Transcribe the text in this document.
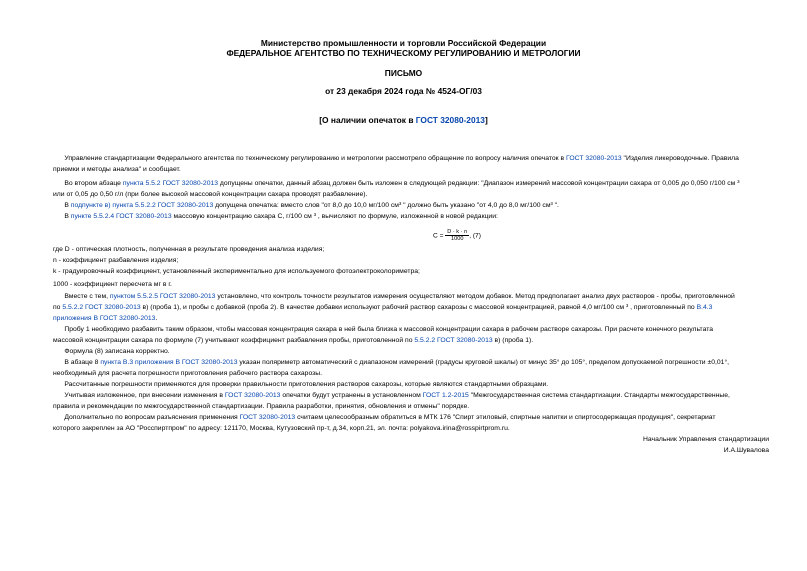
Министерство промышленности и торговли Российской Федерации
ФЕДЕРАЛЬНОЕ АГЕНТСТВО ПО ТЕХНИЧЕСКОМУ РЕГУЛИРОВАНИЮ И МЕТРОЛОГИИ
ПИСЬМО
от 23 декабря 2024 года № 4524-ОГ/03
[О наличии опечаток в ГОСТ 32080-2013]
Управление стандартизации Федерального агентства по техническому регулированию и метрологии рассмотрело обращение по вопросу наличия опечаток в ГОСТ 32080-2013 "Изделия ликероводочные. Правила
приемки и методы анализа" и сообщает.
Во втором абзаце пункта 5.5.2 ГОСТ 32080-2013 допущены опечатки, данный абзац должен быть изложен в следующей редакции: "Диапазон измерений массовой концентрации сахара от 0,005 до 0,050 г/100 см ³
или от 0,05 до 0,50 г/л (при более высокой массовой концентрации сахара проводят разбавление).
В подпункте в) пункта 5.5.2.2 ГОСТ 32080-2013 допущена опечатка: вместо слов "от 8,0 до 10,0 мг/100 см³ " должно быть указано "от 4,0 до 8,0 мг/100 см³ ".
В пункте 5.5.2.4 ГОСТ 32080-2013 массовую концентрацию сахара С, г/100 см ³ , вычисляют по формуле, изложенной в новой редакции:
$С = \frac{D \cdot k \cdot n}{1000}$, (7)
где D - оптическая плотность, полученная в результате проведения анализа изделия;
n - коэффициент разбавления изделия;
k - градуировочный коэффициент, установленный экспериментально для используемого фотоэлектроколориметра;
1000 - коэффициент пересчета мг в г.
Вместе с тем, пунктом 5.5.2.5 ГОСТ 32080-2013 установлено, что контроль точности результатов измерения осуществляют методом добавок. Метод предполагает анализ двух растворов - пробы, приготовленной
по 5.5.2.2 ГОСТ 32080-2013 в) (проба 1), и пробы с добавкой (проба 2). В качестве добавки используют рабочий раствор сахарозы с массовой концентрацией, равной 4,0 мг/100 см ³ , приготовленный по В.4.3
приложения В ГОСТ 32080-2013.
Пробу 1 необходимо разбавить таким образом, чтобы массовая концентрация сахара в ней была близка к массовой концентрации сахара в рабочем растворе сахарозы. При расчете конечного результата
массовой концентрации сахара по формуле (7) учитывают коэффициент разбавления пробы, приготовленной по 5.5.2.2 ГОСТ 32080-2013 в) (проба 1).
Формула (8) записана корректно.
В абзаце 8 пункта В.3 приложения В ГОСТ 32080-2013 указан поляриметр автоматический с диапазоном измерений (градусы круговой шкалы) от минус 35° до 105°, пределом допускаемой погрешности ±0,01°,
необходимый для расчета погрешности приготовления рабочего раствора сахарозы.
Рассчитанные погрешности применяются для проверки правильности приготовления растворов сахарозы, которые являются стандартными образцами.
Учитывая изложенное, при внесении изменения в ГОСТ 32080-2013 опечатки будут устранены в установленном ГОСТ 1.2-2015 "Межгосударственная система стандартизации. Стандарты межгосударственные,
правила и рекомендации по межгосударственной стандартизации. Правила разработки, принятия, обновления и отмены" порядке.
Дополнительно по вопросам разъяснения применения ГОСТ 32080-2013 считаем целесообразным обратиться в МТК 176 "Спирт этиловый, спиртные напитки и спиртосодержащая продукция", секретариат
которого закреплен за АО "Росспиртпром" по адресу: 121170, Москва, Кутузовский пр-т, д.34, корп.21, эл. почта: polyakova.irina@rosspirtprom.ru.
Начальник Управления стандартизации
И.А.Шувалова
